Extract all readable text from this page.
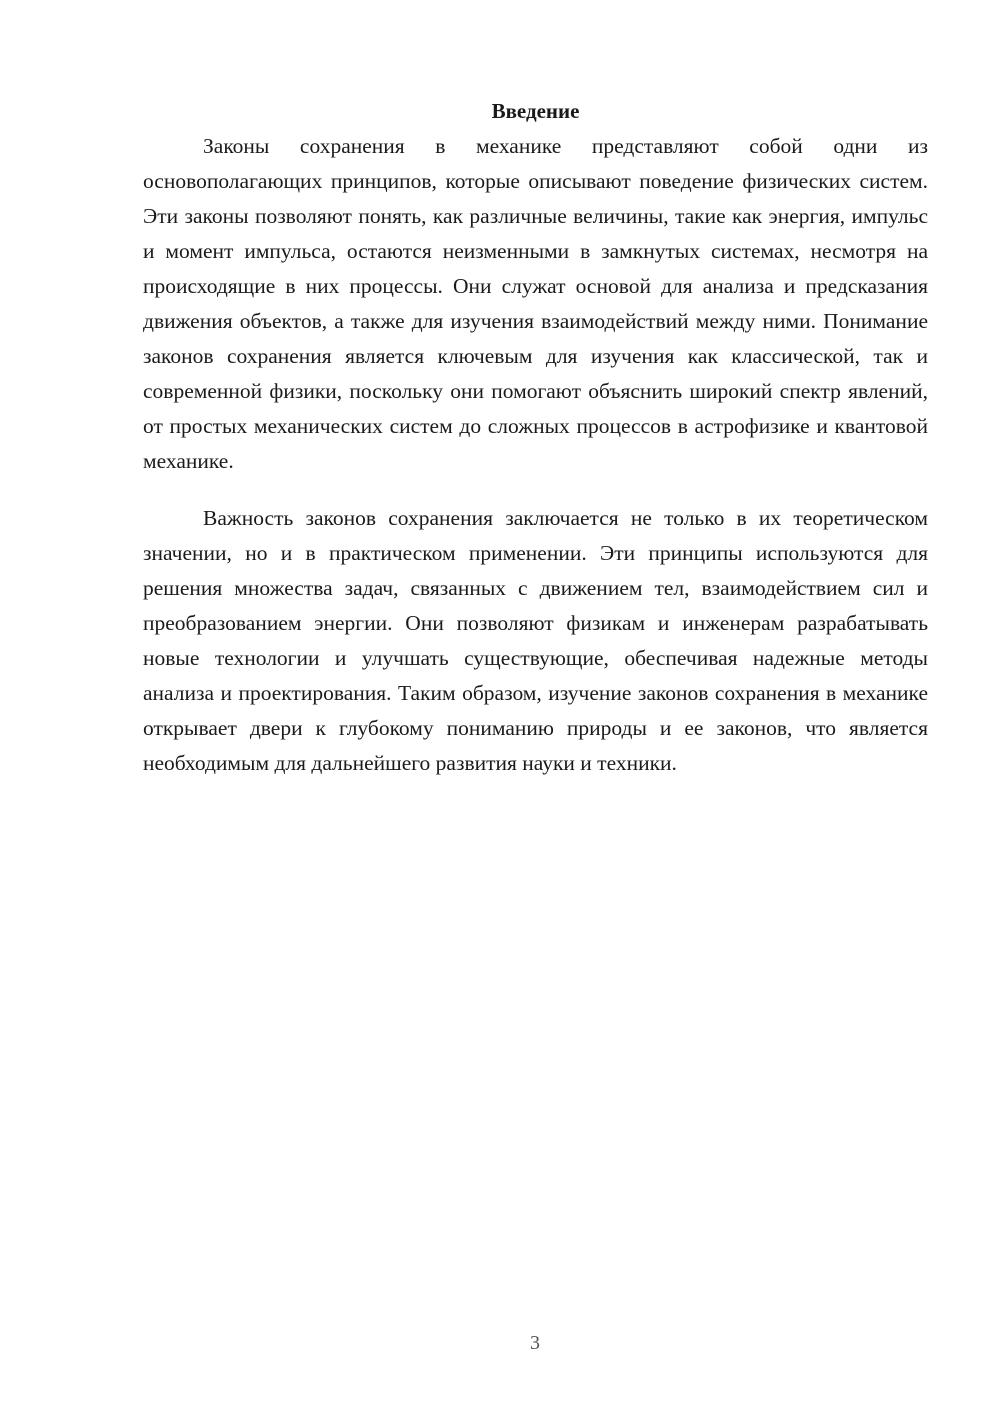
Введение

Законы сохранения в механике представляют собой одни из основополагающих принципов, которые описывают поведение физических систем. Эти законы позволяют понять, как различные величины, такие как энергия, импульс и момент импульса, остаются неизменными в замкнутых системах, несмотря на происходящие в них процессы. Они служат основой для анализа и предсказания движения объектов, а также для изучения взаимодействий между ними. Понимание законов сохранения является ключевым для изучения как классической, так и современной физики, поскольку они помогают объяснить широкий спектр явлений, от простых механических систем до сложных процессов в астрофизике и квантовой механике.

Важность законов сохранения заключается не только в их теоретическом значении, но и в практическом применении. Эти принципы используются для решения множества задач, связанных с движением тел, взаимодействием сил и преобразованием энергии. Они позволяют физикам и инженерам разрабатывать новые технологии и улучшать существующие, обеспечивая надежные методы анализа и проектирования. Таким образом, изучение законов сохранения в механике открывает двери к глубокому пониманию природы и ее законов, что является необходимым для дальнейшего развития науки и техники.

3
